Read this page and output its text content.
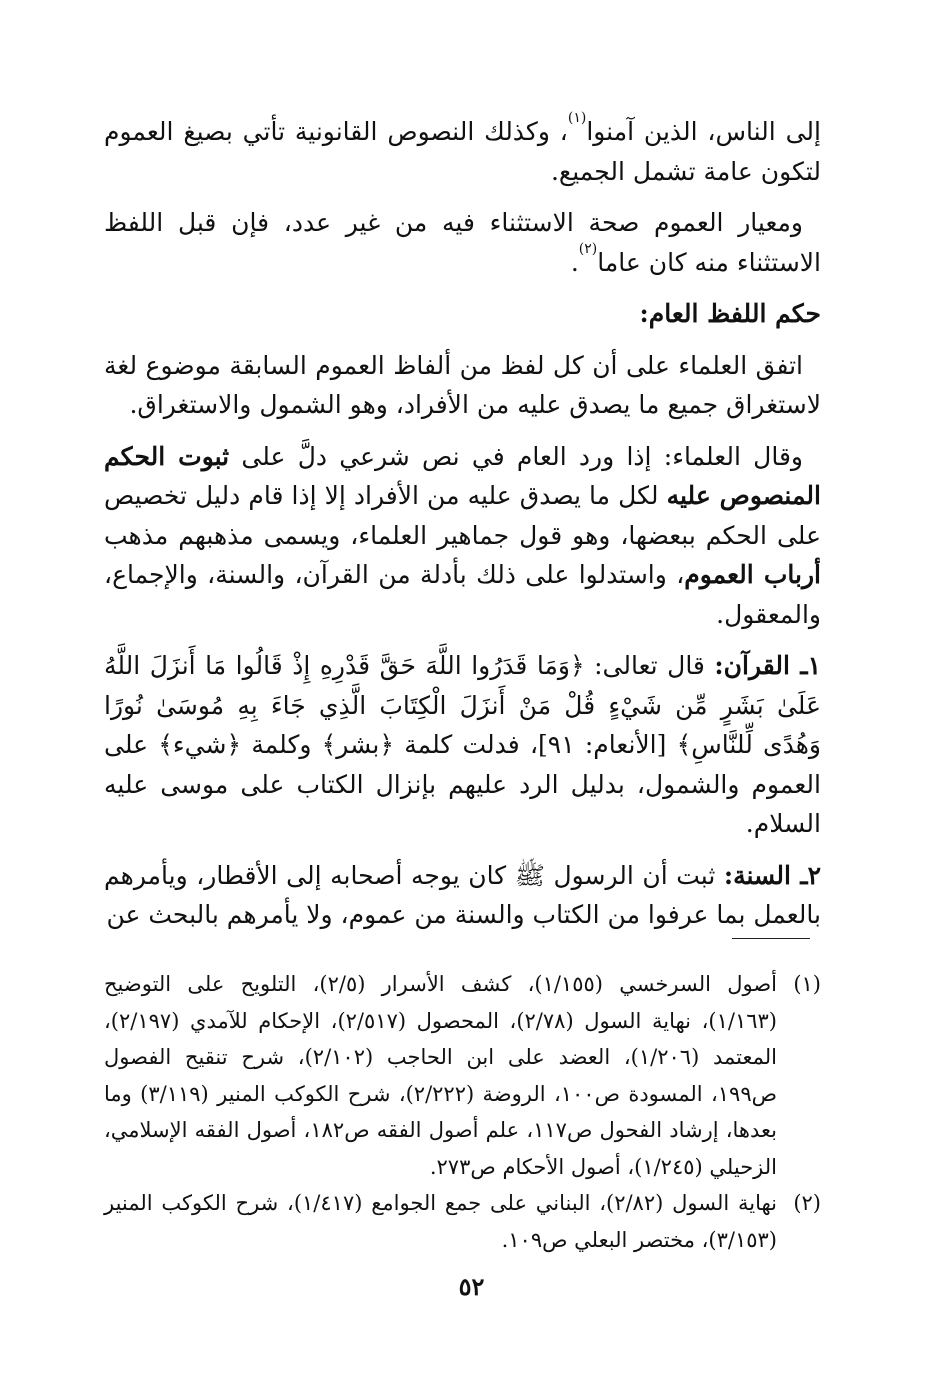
إلى الناس، الذين آمنوا$^{(١)}$، وكذلك النصوص القانونية تأتي بصيغ العموم لتكون عامة تشمل الجميع.

ومعيار العموم صحة الاستثناء فيه من غير عدد، فإن قبل اللفظ الاستثناء منه كان عاما$^{(٢)}$.

حكم اللفظ العام:

اتفق العلماء على أن كل لفظ من ألفاظ العموم السابقة موضوع لغة لاستغراق جميع ما يصدق عليه من الأفراد، وهو الشمول والاستغراق.

وقال العلماء: إذا ورد العام في نص شرعي دلَّ على ثبوت الحكم المنصوص عليه لكل ما يصدق عليه من الأفراد إلا إذا قام دليل تخصيص على الحكم ببعضها، وهو قول جماهير العلماء، ويسمى مذهبهم مذهب أرباب العموم، واستدلوا على ذلك بأدلة من القرآن، والسنة، والإجماع، والمعقول.

١ـ القرآن: قال تعالى: ﴿وَمَا قَدَرُوا اللَّهَ حَقَّ قَدْرِهِ إِذْ قَالُوا مَا أَنزَلَ اللَّهُ عَلَىٰ بَشَرٍ مِّن شَيْءٍ قُلْ مَنْ أَنزَلَ الْكِتَابَ الَّذِي جَاءَ بِهِ مُوسَىٰ نُورًا وَهُدًى لِّلنَّاسِ﴾ [الأنعام: ٩١]، فدلت كلمة ﴿بشر﴾ وكلمة ﴿شيء﴾ على العموم والشمول، بدليل الرد عليهم بإنزال الكتاب على موسى عليه السلام.

٢ـ السنة: ثبت أن الرسول ﷺ كان يوجه أصحابه إلى الأقطار، ويأمرهم بالعمل بما عرفوا من الكتاب والسنة من عموم، ولا يأمرهم بالبحث عن

(١)
أصول السرخسي (١/١٥٥)، كشف الأسرار (٢/٥)، التلويح على التوضيح (١/١٦٣)، نهاية السول (٢/٧٨)، المحصول (٢/٥١٧)، الإحكام للآمدي (٢/١٩٧)، المعتمد (١/٢٠٦)، العضد على ابن الحاجب (٢/١٠٢)، شرح تنقيح الفصول ص١٩٩، المسودة ص١٠٠، الروضة (٢/٢٢٢)، شرح الكوكب المنير (٣/١١٩) وما بعدها، إرشاد الفحول ص١١٧، علم أصول الفقه ص١٨٢، أصول الفقه الإسلامي، الزحيلي (١/٢٤٥)، أصول الأحكام ص٢٧٣.
(٢)
نهاية السول (٢/٨٢)، البناني على جمع الجوامع (١/٤١٧)، شرح الكوكب المنير (٣/١٥٣)، مختصر البعلي ص١٠٩.
٥٢
